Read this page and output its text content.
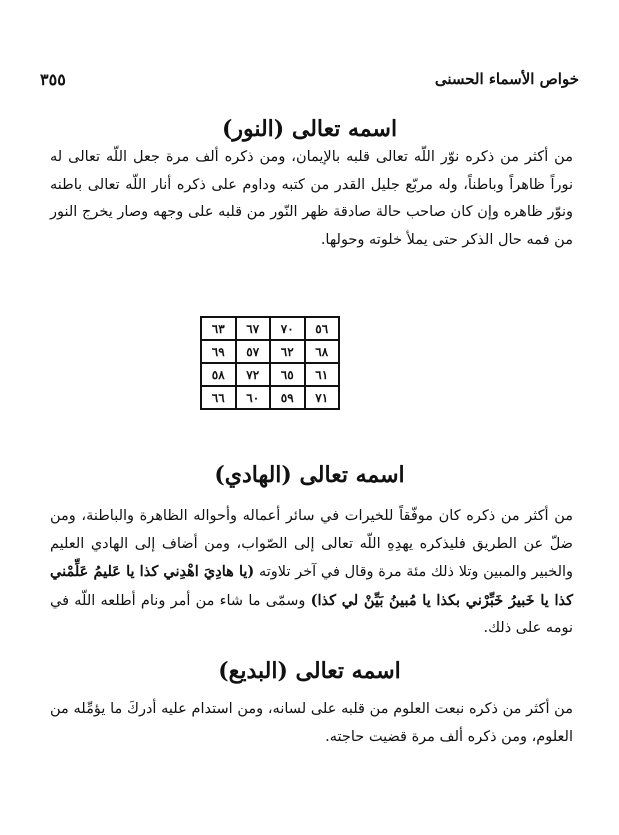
٣٥٥	خواص الأسماء الحسنى
اسمه تعالى (النور)

من أكثر من ذكره نوّر اللّه تعالى قلبه بالإيمان، ومن ذكره ألف مرة جعل اللّه تعالى له نوراً ظاهراً وباطناً، وله مربّع جليل القدر من كتبه وداوم على ذكره أنار اللّه تعالى باطنه ونوّر ظاهره وإن كان صاحب حالة صادقة ظهر النّور من قلبه على وجهه وصار يخرج النور من فمه حال الذكر حتى يملأ خلوته وحولها.

٥٦	٧٠	٦٧	٦٣
٦٨	٦٢	٥٧	٦٩
٦١	٦٥	٧٢	٥٨
٧١	٥٩	٦٠	٦٦
اسمه تعالى (الهادي)

من أكثر من ذكره كان موفّقاً للخيرات في سائر أعماله وأحواله الظاهرة والباطنة، ومن ضلّ عن الطريق فليذكره يهدِهِ اللّه تعالى إلى الصّواب، ومن أضاف إلى الهادي العليم والخبير والمبين وتلا ذلك مئة مرة وقال في آخر تلاوته (يا هادِيَ اهْدِني كذا يا عَليمُ عَلِّمْني كذا يا خَبيرُ خَبِّرْني بكذا يا مُبينُ بَيِّنْ لي كذا) وسمّى ما شاء من أمر ونام أطلعه اللّه في نومه على ذلك.

اسمه تعالى (البديع)

من أكثر من ذكره نبعت العلوم من قلبه على لسانه، ومن استدام عليه أدركَ ما يؤمِّله من العلوم، ومن ذكره ألف مرة قضيت حاجته.
